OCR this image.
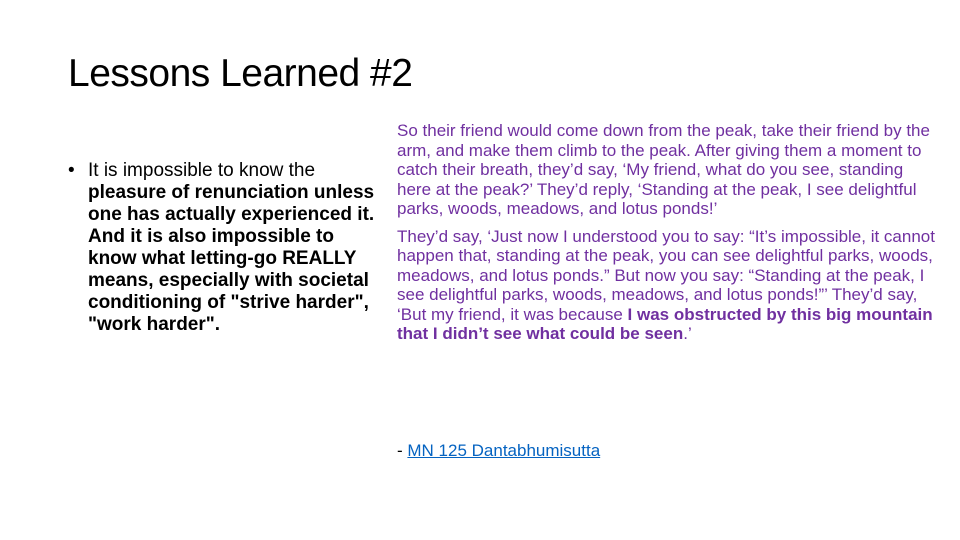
Lessons Learned #2
• It is impossible to know the pleasure of renunciation unless one has actually experienced it. And it is also impossible to know what letting-go REALLY means, especially with societal conditioning of "strive harder", "work harder".

So their friend would come down from the peak, take their friend by the arm, and make them climb to the peak. After giving them a moment to catch their breath, they’d say, ‘My friend, what do you see, standing here at the peak?’ They’d reply, ‘Standing at the peak, I see delightful parks, woods, meadows, and lotus ponds!’

They’d say, ‘Just now I understood you to say: “It’s impossible, it cannot happen that, standing at the peak, you can see delightful parks, woods, meadows, and lotus ponds.” But now you say: “Standing at the peak, I see delightful parks, woods, meadows, and lotus ponds!”’ They’d say, ‘But my friend, it was because I was obstructed by this big mountain that I didn’t see what could be seen.’

- MN 125 Dantabhumisutta
